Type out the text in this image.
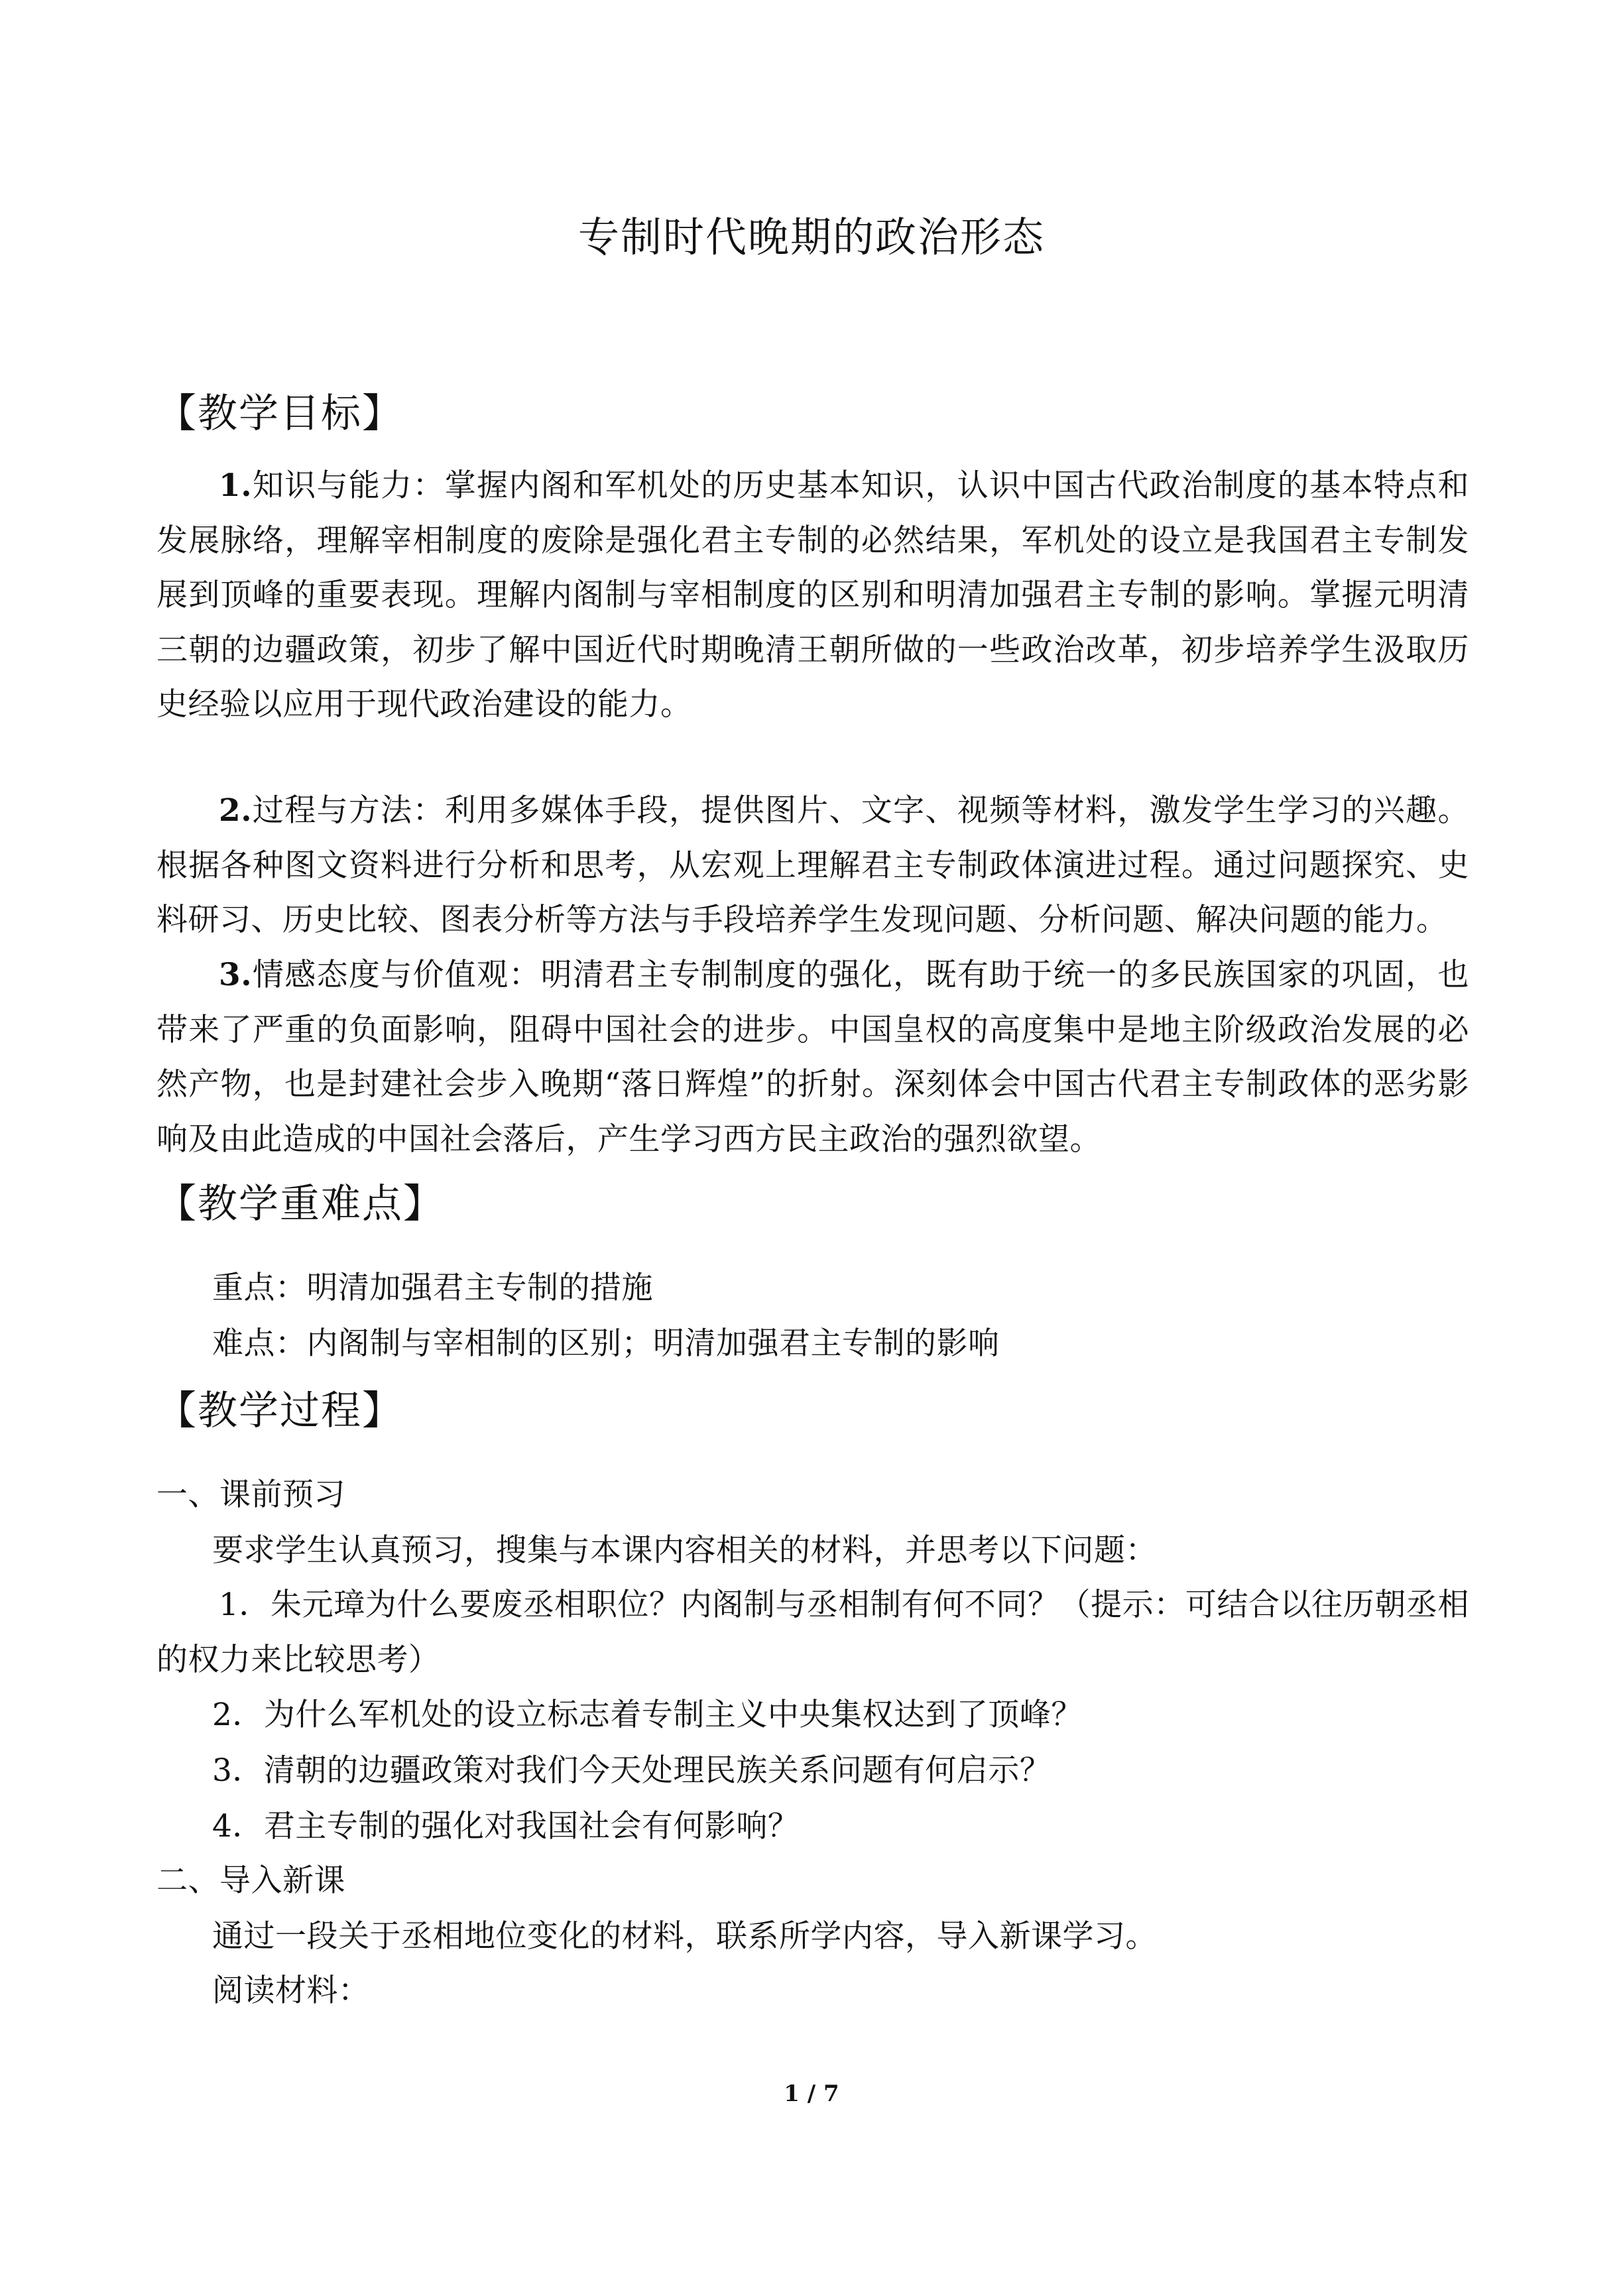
专制时代晚期的政治形态
【教学目标】
1.知识与能力：掌握内阁和军机处的历史基本知识，认识中国古代政治制度的基本特点和发展脉络，理解宰相制度的废除是强化君主专制的必然结果，军机处的设立是我国君主专制发展到顶峰的重要表现。理解内阁制与宰相制度的区别和明清加强君主专制的影响。掌握元明清三朝的边疆政策，初步了解中国近代时期晚清王朝所做的一些政治改革，初步培养学生汲取历史经验以应用于现代政治建设的能力。
2.过程与方法：利用多媒体手段，提供图片、文字、视频等材料，激发学生学习的兴趣。根据各种图文资料进行分析和思考，从宏观上理解君主专制政体演进过程。通过问题探究、史料研习、历史比较、图表分析等方法与手段培养学生发现问题、分析问题、解决问题的能力。
3.情感态度与价值观：明清君主专制制度的强化，既有助于统一的多民族国家的巩固，也带来了严重的负面影响，阻碍中国社会的进步。中国皇权的高度集中是地主阶级政治发展的必然产物，也是封建社会步入晚期“落日辉煌”的折射。深刻体会中国古代君主专制政体的恶劣影响及由此造成的中国社会落后，产生学习西方民主政治的强烈欲望。
【教学重难点】
重点：明清加强君主专制的措施
难点：内阁制与宰相制的区别；明清加强君主专制的影响
【教学过程】
一、课前预习
要求学生认真预习，搜集与本课内容相关的材料，并思考以下问题：
1．朱元璋为什么要废丞相职位？内阁制与丞相制有何不同？（提示：可结合以往历朝丞相的权力来比较思考）
2．为什么军机处的设立标志着专制主义中央集权达到了顶峰？
3．清朝的边疆政策对我们今天处理民族关系问题有何启示？
4．君主专制的强化对我国社会有何影响？
二、导入新课
通过一段关于丞相地位变化的材料，联系所学内容，导入新课学习。
阅读材料：
1 / 7
